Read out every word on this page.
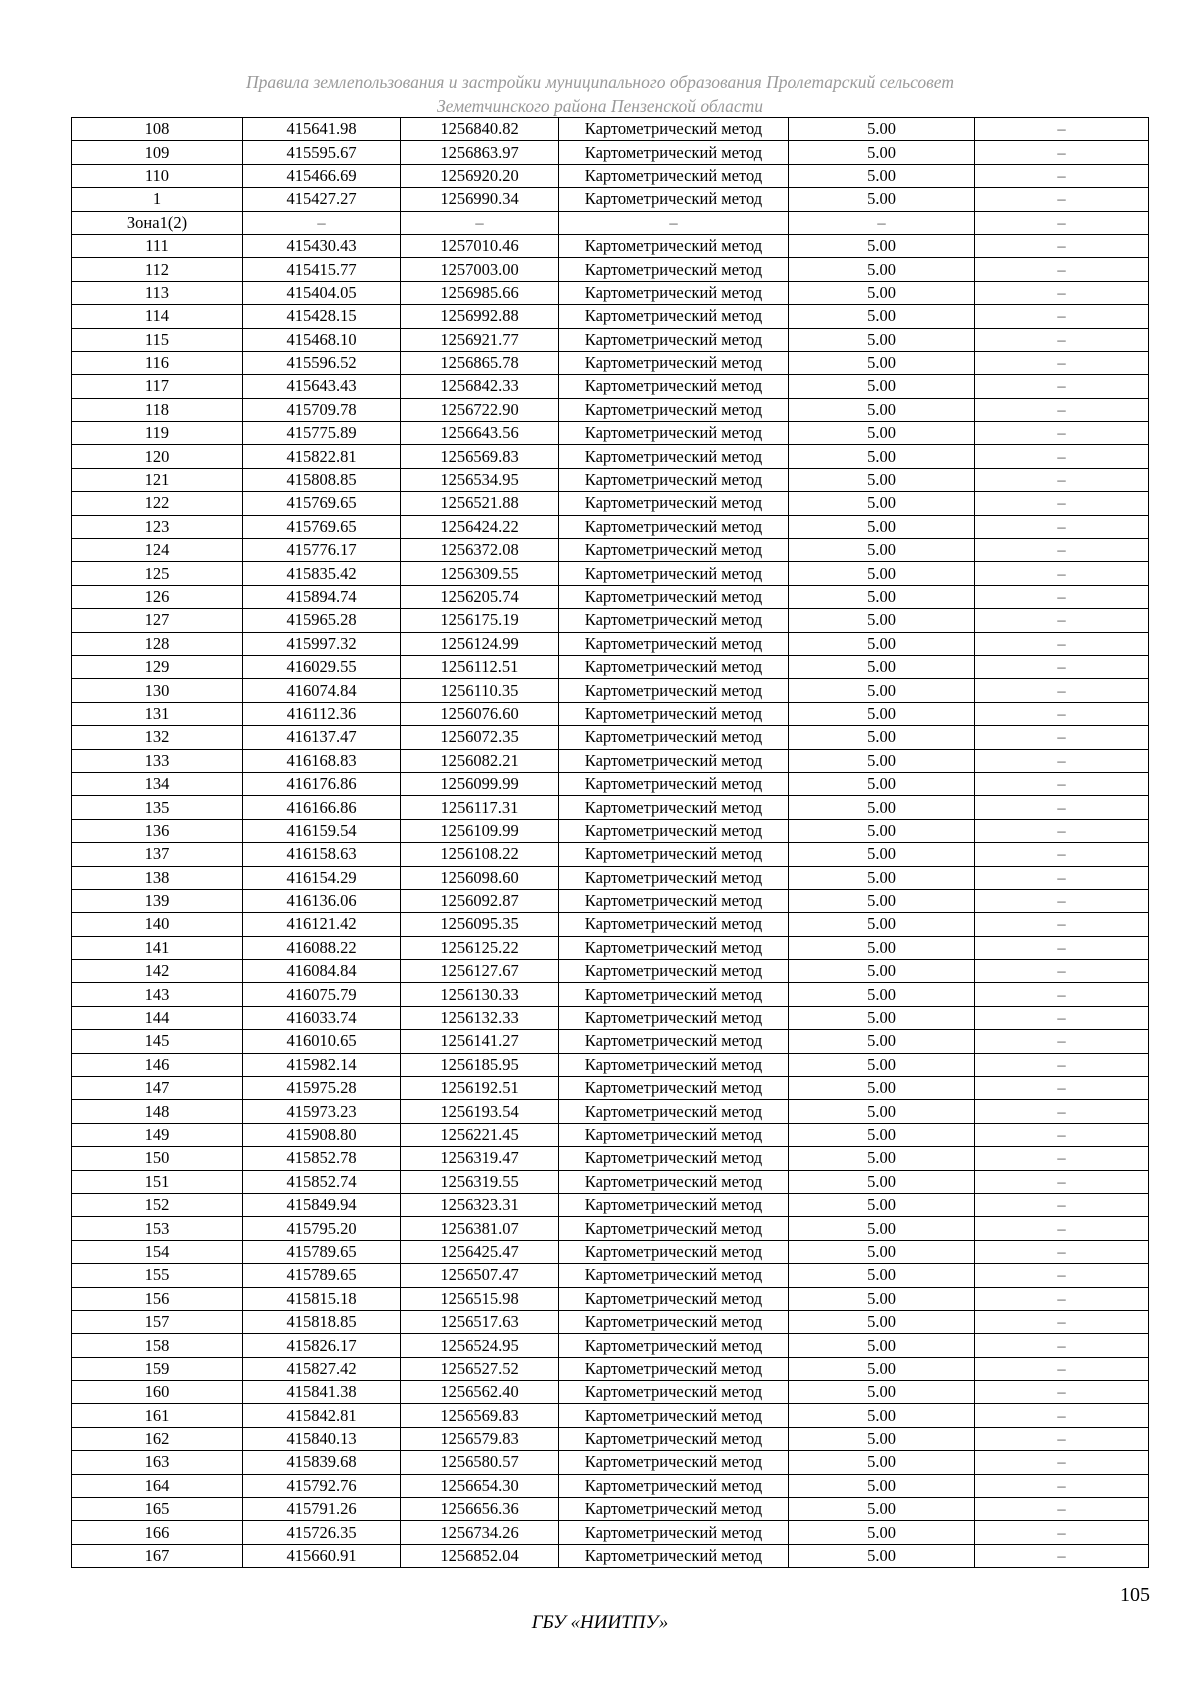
Правила землепользования и застройки муниципального образования Пролетарский сельсовет
Земетчинского района Пензенской области
108	415641.98	1256840.82	Картометрический метод	5.00	–
109	415595.67	1256863.97	Картометрический метод	5.00	–
110	415466.69	1256920.20	Картометрический метод	5.00	–
1	415427.27	1256990.34	Картометрический метод	5.00	–
Зона1(2)	–	–	–	–	–
111	415430.43	1257010.46	Картометрический метод	5.00	–
112	415415.77	1257003.00	Картометрический метод	5.00	–
113	415404.05	1256985.66	Картометрический метод	5.00	–
114	415428.15	1256992.88	Картометрический метод	5.00	–
115	415468.10	1256921.77	Картометрический метод	5.00	–
116	415596.52	1256865.78	Картометрический метод	5.00	–
117	415643.43	1256842.33	Картометрический метод	5.00	–
118	415709.78	1256722.90	Картометрический метод	5.00	–
119	415775.89	1256643.56	Картометрический метод	5.00	–
120	415822.81	1256569.83	Картометрический метод	5.00	–
121	415808.85	1256534.95	Картометрический метод	5.00	–
122	415769.65	1256521.88	Картометрический метод	5.00	–
123	415769.65	1256424.22	Картометрический метод	5.00	–
124	415776.17	1256372.08	Картометрический метод	5.00	–
125	415835.42	1256309.55	Картометрический метод	5.00	–
126	415894.74	1256205.74	Картометрический метод	5.00	–
127	415965.28	1256175.19	Картометрический метод	5.00	–
128	415997.32	1256124.99	Картометрический метод	5.00	–
129	416029.55	1256112.51	Картометрический метод	5.00	–
130	416074.84	1256110.35	Картометрический метод	5.00	–
131	416112.36	1256076.60	Картометрический метод	5.00	–
132	416137.47	1256072.35	Картометрический метод	5.00	–
133	416168.83	1256082.21	Картометрический метод	5.00	–
134	416176.86	1256099.99	Картометрический метод	5.00	–
135	416166.86	1256117.31	Картометрический метод	5.00	–
136	416159.54	1256109.99	Картометрический метод	5.00	–
137	416158.63	1256108.22	Картометрический метод	5.00	–
138	416154.29	1256098.60	Картометрический метод	5.00	–
139	416136.06	1256092.87	Картометрический метод	5.00	–
140	416121.42	1256095.35	Картометрический метод	5.00	–
141	416088.22	1256125.22	Картометрический метод	5.00	–
142	416084.84	1256127.67	Картометрический метод	5.00	–
143	416075.79	1256130.33	Картометрический метод	5.00	–
144	416033.74	1256132.33	Картометрический метод	5.00	–
145	416010.65	1256141.27	Картометрический метод	5.00	–
146	415982.14	1256185.95	Картометрический метод	5.00	–
147	415975.28	1256192.51	Картометрический метод	5.00	–
148	415973.23	1256193.54	Картометрический метод	5.00	–
149	415908.80	1256221.45	Картометрический метод	5.00	–
150	415852.78	1256319.47	Картометрический метод	5.00	–
151	415852.74	1256319.55	Картометрический метод	5.00	–
152	415849.94	1256323.31	Картометрический метод	5.00	–
153	415795.20	1256381.07	Картометрический метод	5.00	–
154	415789.65	1256425.47	Картометрический метод	5.00	–
155	415789.65	1256507.47	Картометрический метод	5.00	–
156	415815.18	1256515.98	Картометрический метод	5.00	–
157	415818.85	1256517.63	Картометрический метод	5.00	–
158	415826.17	1256524.95	Картометрический метод	5.00	–
159	415827.42	1256527.52	Картометрический метод	5.00	–
160	415841.38	1256562.40	Картометрический метод	5.00	–
161	415842.81	1256569.83	Картометрический метод	5.00	–
162	415840.13	1256579.83	Картометрический метод	5.00	–
163	415839.68	1256580.57	Картометрический метод	5.00	–
164	415792.76	1256654.30	Картометрический метод	5.00	–
165	415791.26	1256656.36	Картометрический метод	5.00	–
166	415726.35	1256734.26	Картометрический метод	5.00	–
167	415660.91	1256852.04	Картометрический метод	5.00	–
105
ГБУ «НИИТПУ»
